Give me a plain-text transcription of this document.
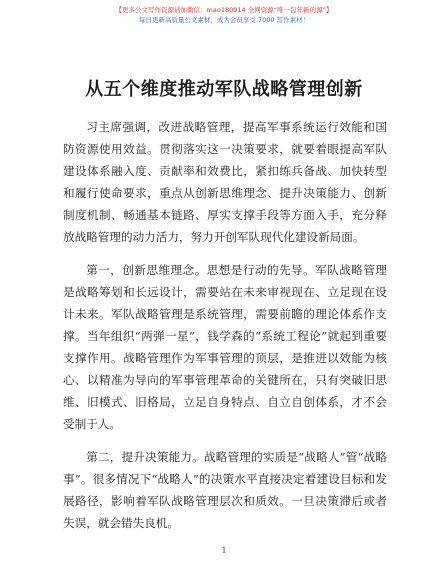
【更多公文写作资源请加微信：mao180914 全网资源“唯一包年新的源”】
每日更新高质量公文素材，成为会员享受 7000 写作素材！
从五个维度推动军队战略管理创新

习主席强调，改进战略管理，提高军事系统运行效能和国防资源使用效益。贯彻落实这一决策要求，就要着眼提高军队建设体系融入度、贡献率和效费比，紧扣练兵备战、加快转型和履行使命要求，重点从创新思维理念、提升决策能力、创新制度机制、畅通基本链路、厚实支撑手段等方面入手，充分释放战略管理的动力活力，努力开创军队现代化建设新局面。

第一，创新思维理念。思想是行动的先导。军队战略管理是战略筹划和长远设计，需要站在未来审视现在、立足现在设计未来。军队战略管理是系统管理，需要前瞻的理论体系作支撑。当年组织“两弹一星”，钱学森的“系统工程论”就起到重要支撑作用。战略管理作为军事管理的顶层，是推进以效能为核心、以精准为导向的军事管理革命的关键所在，只有突破旧思维、旧模式、旧格局，立足自身特点、自立自创体系，才不会受制于人。

第二，提升决策能力。战略管理的实质是“战略人”管“战略事”。很多情况下“战略人”的决策水平直接决定着建设目标和发展路径，影响着军队战略管理层次和质效。一旦决策滞后或者失误，就会错失良机。

1
